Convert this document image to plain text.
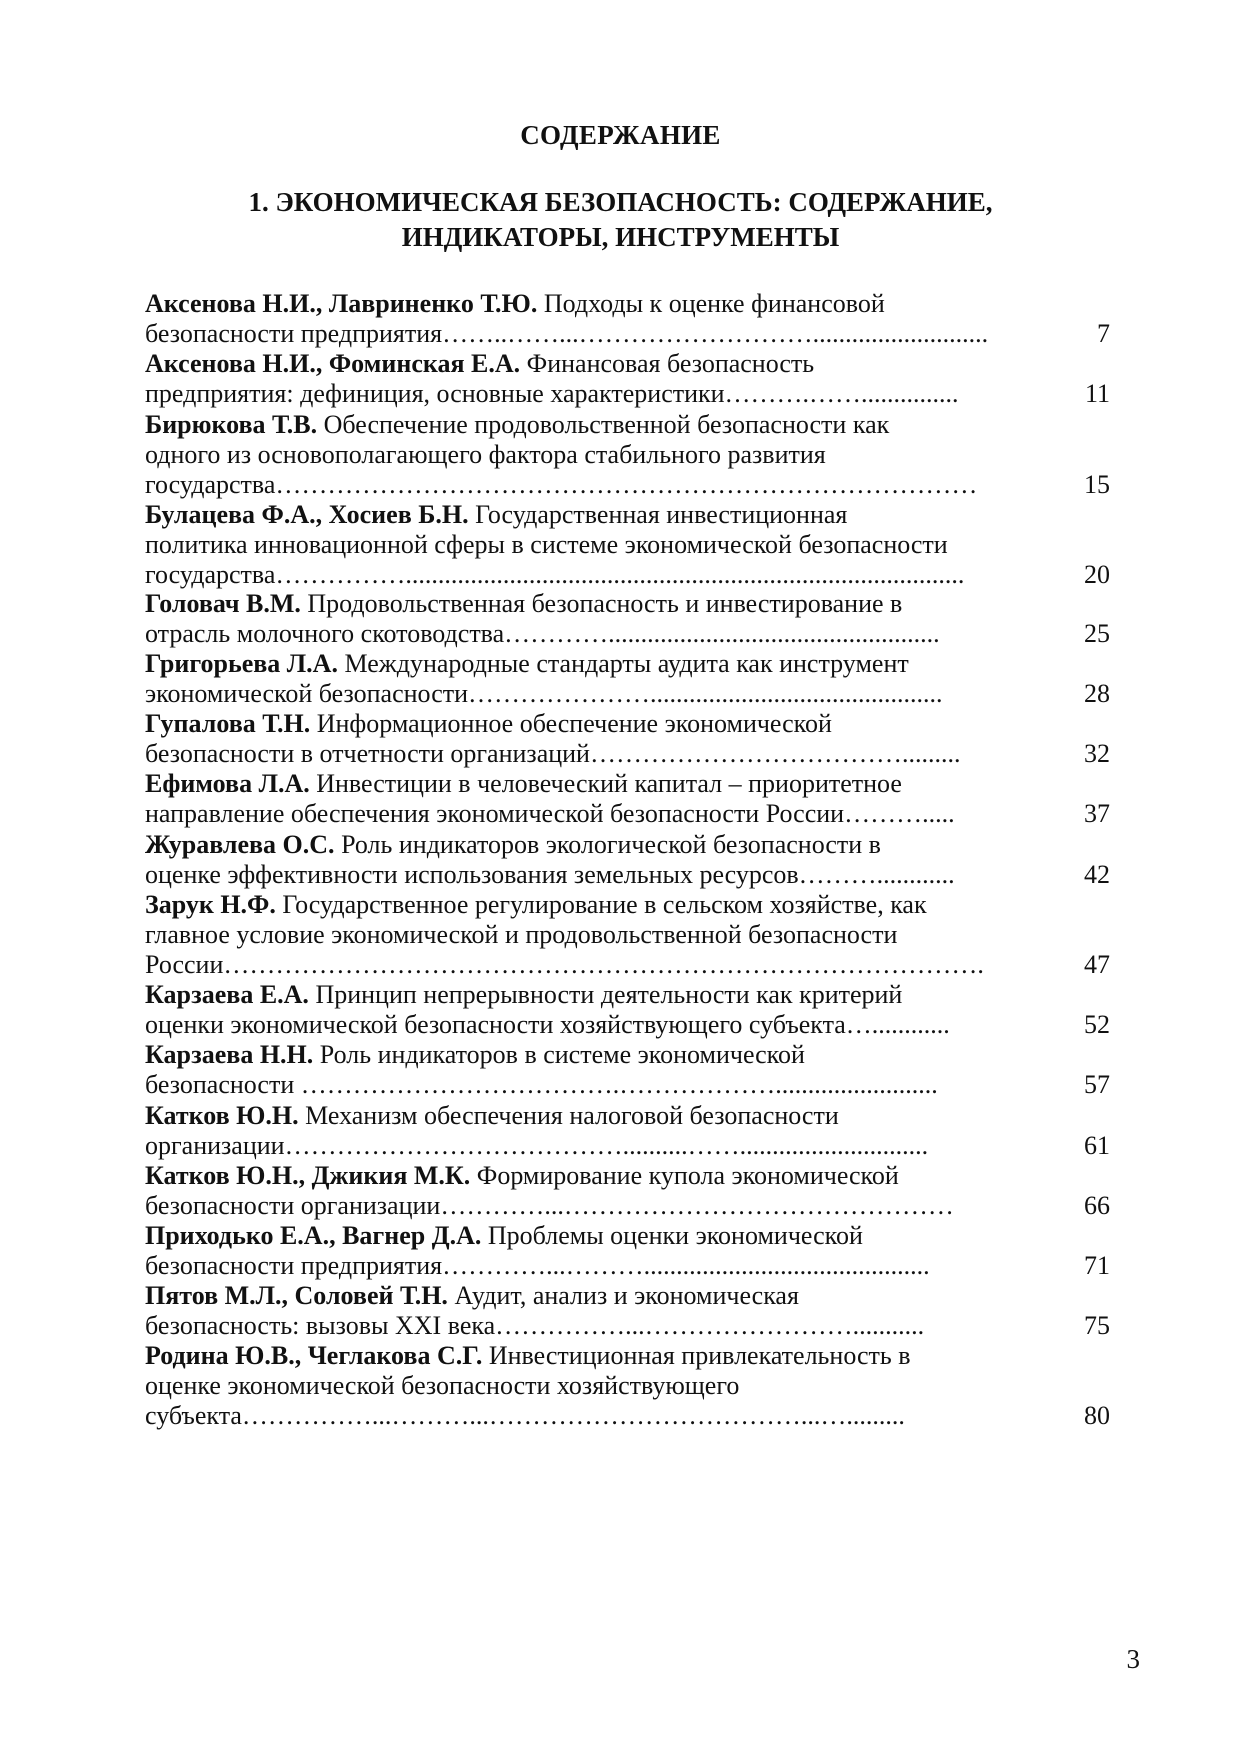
СОДЕРЖАНИЕ
1. ЭКОНОМИЧЕСКАЯ БЕЗОПАСНОСТЬ: СОДЕРЖАНИЕ,
ИНДИКАТОРЫ, ИНСТРУМЕНТЫ
Аксенова Н.И., Лавриненко Т.Ю. Подходы к оценке финансовой
безопасности предприятия……..……...………………………...........................	7
Аксенова Н.И., Фоминская Е.А. Финансовая безопасность
предприятия: дефиниция, основные характеристики……….……...............	11
Бирюкова Т.В. Обеспечение продовольственной безопасности как
одного из основополагающего фактора стабильного развития
государства………………………………………………………………………	15
Булацева Ф.А., Хосиев Б.Н. Государственная инвестиционная
политика инновационной сферы в системе экономической безопасности
государства……………......................................................................................	20
Головач В.М. Продовольственная безопасность и инвестирование в
отрасль молочного скотоводства…………...................................................	25
Григорьева Л.А. Международные стандарты аудита как инструмент
экономической безопасности………………….............................................	28
Гупалова Т.Н. Информационное обеспечение экономической
безопасности в отчетности организаций……………………………….........	32
Ефимова Л.А. Инвестиции в человеческий капитал – приоритетное
направление обеспечения экономической безопасности России……….....	37
Журавлева О.С. Роль индикаторов экологической безопасности в
оценке эффективности использования земельных ресурсов………............	42
Зарук Н.Ф. Государственное регулирование в сельском хозяйстве, как
главное условие экономической и продовольственной безопасности
России…………………………………………………………………………….	47
Карзаева Е.А. Принцип непрерывности деятельности как критерий
оценки экономической безопасности хозяйствующего субъекта…............	52
Карзаева Н.Н. Роль индикаторов в системе экономической
безопасности ……………………………….……………….........................	57
Катков Ю.Н. Механизм обеспечения налоговой безопасности
организации…………………………………..........…….............................	61
Катков Ю.Н., Джикия М.К. Формирование купола экономической
безопасности организации…………...………………………………………	66
Приходько Е.А., Вагнер Д.А. Проблемы оценки экономической
безопасности предприятия…………...………............................................	71
Пятов М.Л., Соловей Т.Н. Аудит, анализ и экономическая
безопасность: вызовы XXI века……………...……………………...........	75
Родина Ю.В., Чеглакова С.Г. Инвестиционная привлекательность в
оценке экономической безопасности хозяйствующего
субъекта……………...………...………………………………...….........	80
3
